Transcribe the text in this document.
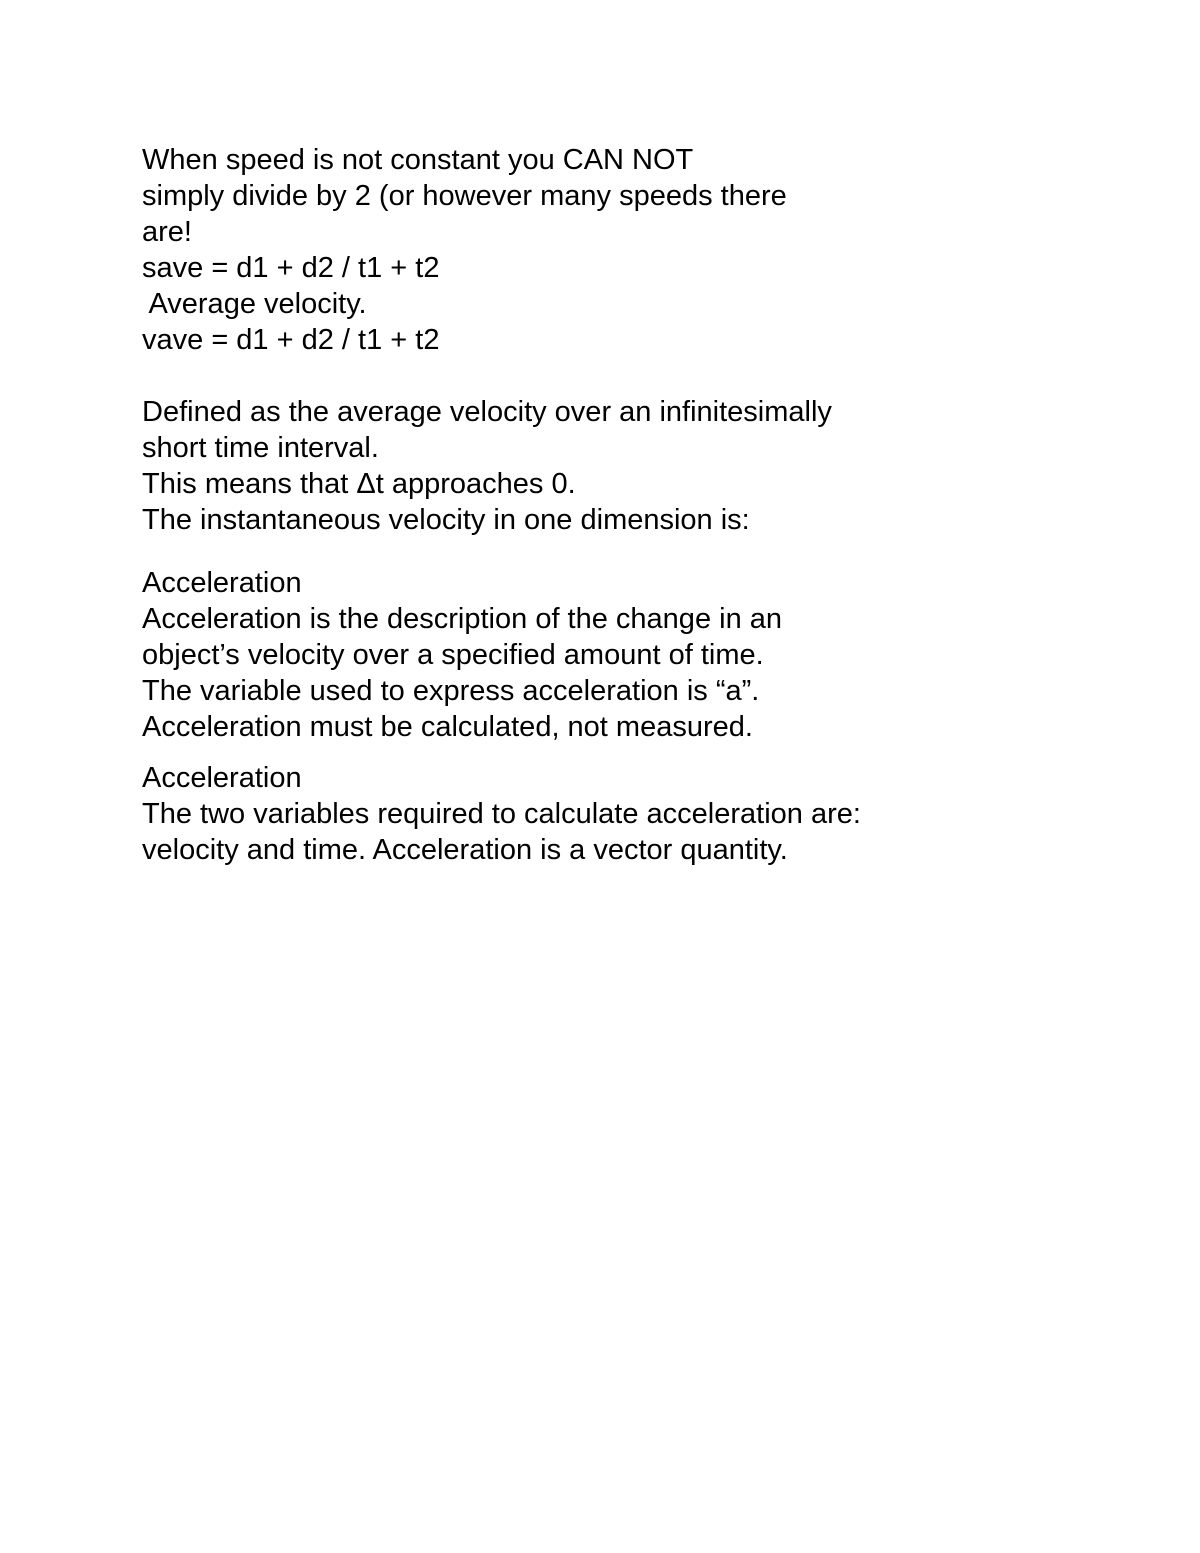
When speed is not constant you CAN NOT
simply divide by 2 (or however many speeds there
are!
save = d1 + d2 / t1 + t2
Average velocity.
vave = d1 + d2 / t1 + t2
Defined as the average velocity over an infinitesimally
short time interval.
This means that Δt approaches 0.
The instantaneous velocity in one dimension is:
Acceleration
Acceleration is the description of the change in an
object’s velocity over a specified amount of time.
The variable used to express acceleration is “a”.
Acceleration must be calculated, not measured.
Acceleration
The two variables required to calculate acceleration are:
velocity and time. Acceleration is a vector quantity.
